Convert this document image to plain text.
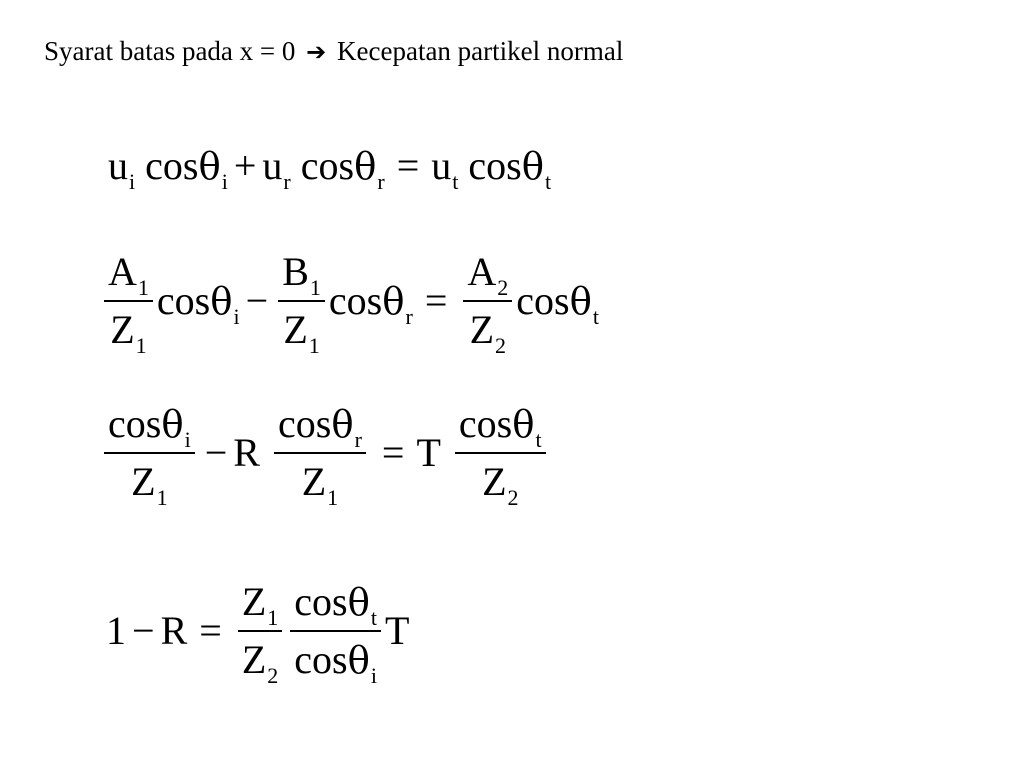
Syarat batas pada x = 0 ➔ Kecepatan partikel normal
$u_i$ $\cos\theta_i + u_r$ $\cos\theta_r = u_t$ cosθ$_t$
$\frac{A 1}{Z 1} \cos\theta_i - \frac{B 1}{Z 1} \cos\theta_r = \frac{A 2}{Z 2} \cos\theta_t$
$\frac{\text{cos θ i}}{Z 1} - R \frac{\text{cos θ r}}{Z 1} = T \frac{\text{cos θ t}}{Z 2}$
$1 - R = \frac{Z 1}{Z 2} \frac{\text{cos θ t}}{\text{cos θ i}}$ T
